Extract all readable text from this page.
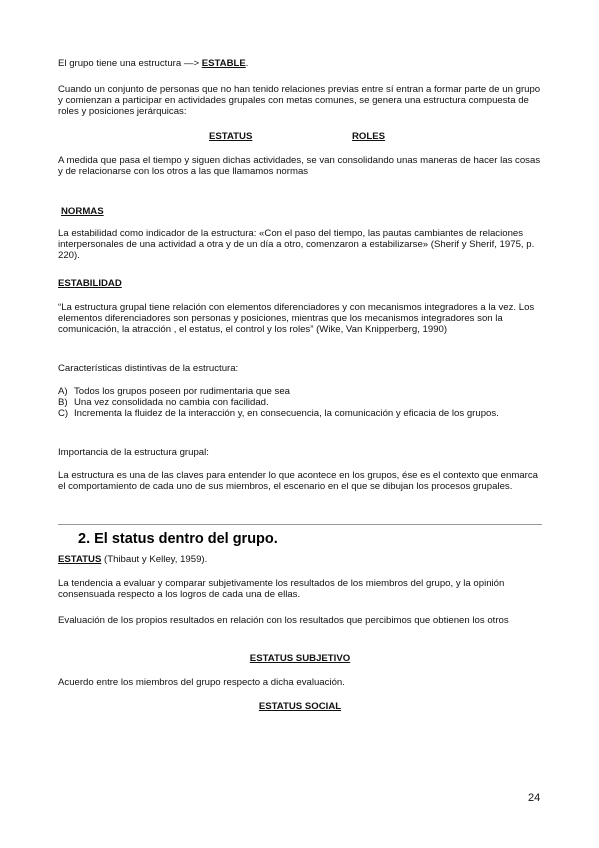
El grupo tiene una estructura —> ESTABLE.

Cuando un conjunto de personas que no han tenido relaciones previas entre sí entran a formar parte de un grupo y comienzan a participar en actividades grupales con metas comunes, se genera una estructura compuesta de roles y posiciones jerárquicas:

ESTATUS	ROLES

A medida que pasa el tiempo y siguen dichas actividades, se van consolidando unas maneras de hacer las cosas y de relacionarse con los otros a las que llamamos normas

NORMAS

La estabilidad como indicador de la estructura: «Con el paso del tiempo, las pautas cambiantes de relaciones interpersonales de una actividad a otra y de un día a otro, comenzaron a estabilizarse» (Sherif y Sherif, 1975, p. 220).

ESTABILIDAD

“La estructura grupal tiene relación con elementos diferenciadores y con mecanismos integradores a la vez. Los elementos diferenciadores son personas y posiciones, mientras que los mecanismos integradores son la comunicación, la atracción , el estatus, el control y los roles” (Wike, Van Knipperberg, 1990)

Características distintivas de la estructura:

A) Todos los grupos poseen por rudimentaria que sea
B) Una vez consolidada no cambia con facilidad.
C) Incrementa la fluidez de la interacción y, en consecuencia, la comunicación y eficacia de los grupos.

Importancia de la estructura grupal:

La estructura es una de las claves para entender lo que acontece en los grupos, ése es el contexto que enmarca el comportamiento de cada uno de sus miembros, el escenario en el que se dibujan los procesos grupales.

2. El status dentro del grupo.

ESTATUS (Thibaut y Kelley, 1959).

La tendencia a evaluar y comparar subjetivamente los resultados de los miembros del grupo, y la opinión consensuada respecto a los logros de cada una de ellas.

Evaluación de los propios resultados en relación con los resultados que percibimos que obtienen los otros

ESTATUS SUBJETIVO

Acuerdo entre los miembros del grupo respecto a dicha evaluación.

ESTATUS SOCIAL

24
